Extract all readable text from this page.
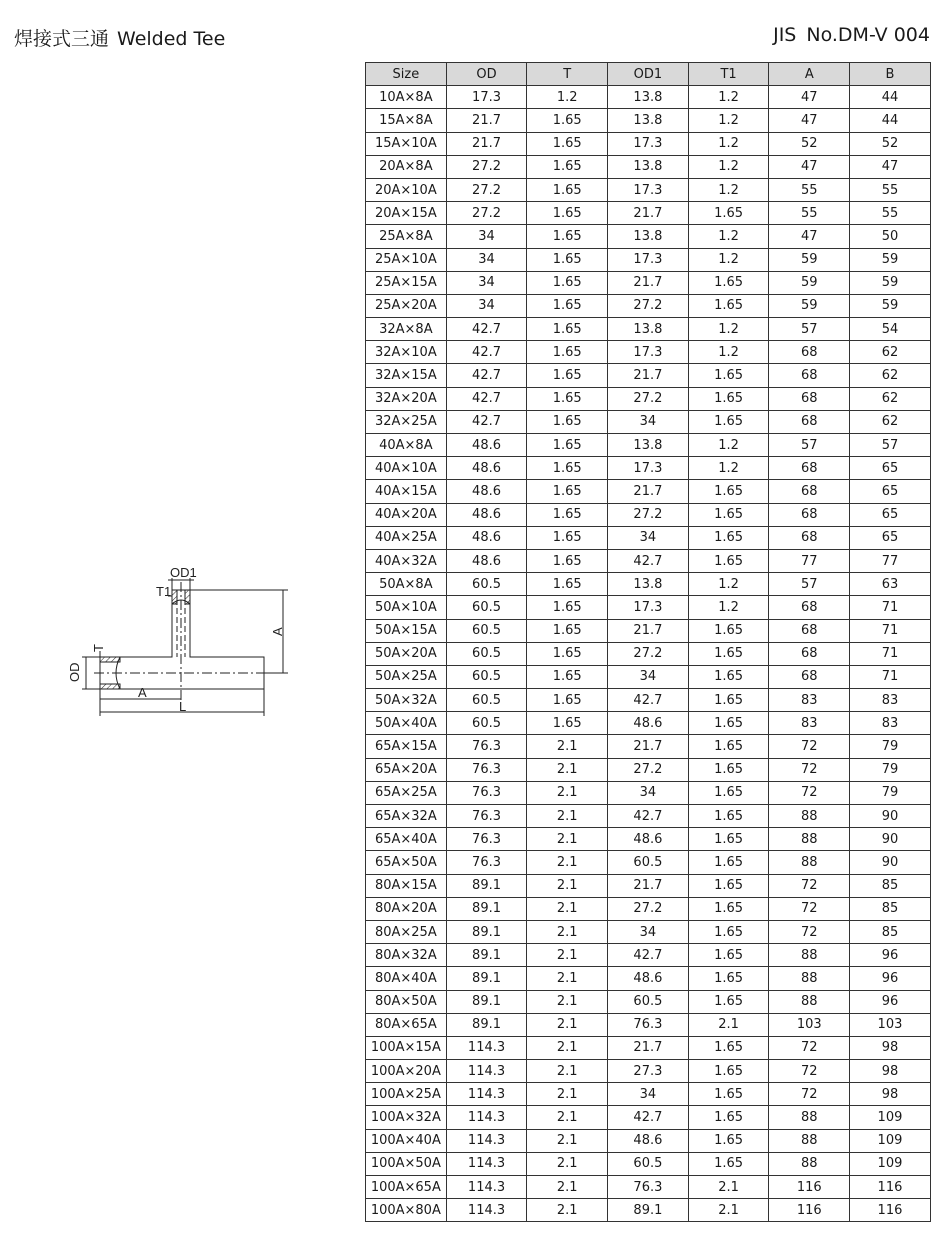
焊接式三通 Welded Tee	JIS No.DM-V 004
OD1
T1
A
T
OD
A
L
Size	OD	T	OD1	T1	A	B
10A×8A	17.3	1.2	13.8	1.2	47	44
15A×8A	21.7	1.65	13.8	1.2	47	44
15A×10A	21.7	1.65	17.3	1.2	52	52
20A×8A	27.2	1.65	13.8	1.2	47	47
20A×10A	27.2	1.65	17.3	1.2	55	55
20A×15A	27.2	1.65	21.7	1.65	55	55
25A×8A	34	1.65	13.8	1.2	47	50
25A×10A	34	1.65	17.3	1.2	59	59
25A×15A	34	1.65	21.7	1.65	59	59
25A×20A	34	1.65	27.2	1.65	59	59
32A×8A	42.7	1.65	13.8	1.2	57	54
32A×10A	42.7	1.65	17.3	1.2	68	62
32A×15A	42.7	1.65	21.7	1.65	68	62
32A×20A	42.7	1.65	27.2	1.65	68	62
32A×25A	42.7	1.65	34	1.65	68	62
40A×8A	48.6	1.65	13.8	1.2	57	57
40A×10A	48.6	1.65	17.3	1.2	68	65
40A×15A	48.6	1.65	21.7	1.65	68	65
40A×20A	48.6	1.65	27.2	1.65	68	65
40A×25A	48.6	1.65	34	1.65	68	65
40A×32A	48.6	1.65	42.7	1.65	77	77
50A×8A	60.5	1.65	13.8	1.2	57	63
50A×10A	60.5	1.65	17.3	1.2	68	71
50A×15A	60.5	1.65	21.7	1.65	68	71
50A×20A	60.5	1.65	27.2	1.65	68	71
50A×25A	60.5	1.65	34	1.65	68	71
50A×32A	60.5	1.65	42.7	1.65	83	83
50A×40A	60.5	1.65	48.6	1.65	83	83
65A×15A	76.3	2.1	21.7	1.65	72	79
65A×20A	76.3	2.1	27.2	1.65	72	79
65A×25A	76.3	2.1	34	1.65	72	79
65A×32A	76.3	2.1	42.7	1.65	88	90
65A×40A	76.3	2.1	48.6	1.65	88	90
65A×50A	76.3	2.1	60.5	1.65	88	90
80A×15A	89.1	2.1	21.7	1.65	72	85
80A×20A	89.1	2.1	27.2	1.65	72	85
80A×25A	89.1	2.1	34	1.65	72	85
80A×32A	89.1	2.1	42.7	1.65	88	96
80A×40A	89.1	2.1	48.6	1.65	88	96
80A×50A	89.1	2.1	60.5	1.65	88	96
80A×65A	89.1	2.1	76.3	2.1	103	103
100A×15A	114.3	2.1	21.7	1.65	72	98
100A×20A	114.3	2.1	27.3	1.65	72	98
100A×25A	114.3	2.1	34	1.65	72	98
100A×32A	114.3	2.1	42.7	1.65	88	109
100A×40A	114.3	2.1	48.6	1.65	88	109
100A×50A	114.3	2.1	60.5	1.65	88	109
100A×65A	114.3	2.1	76.3	2.1	116	116
100A×80A	114.3	2.1	89.1	2.1	116	116
